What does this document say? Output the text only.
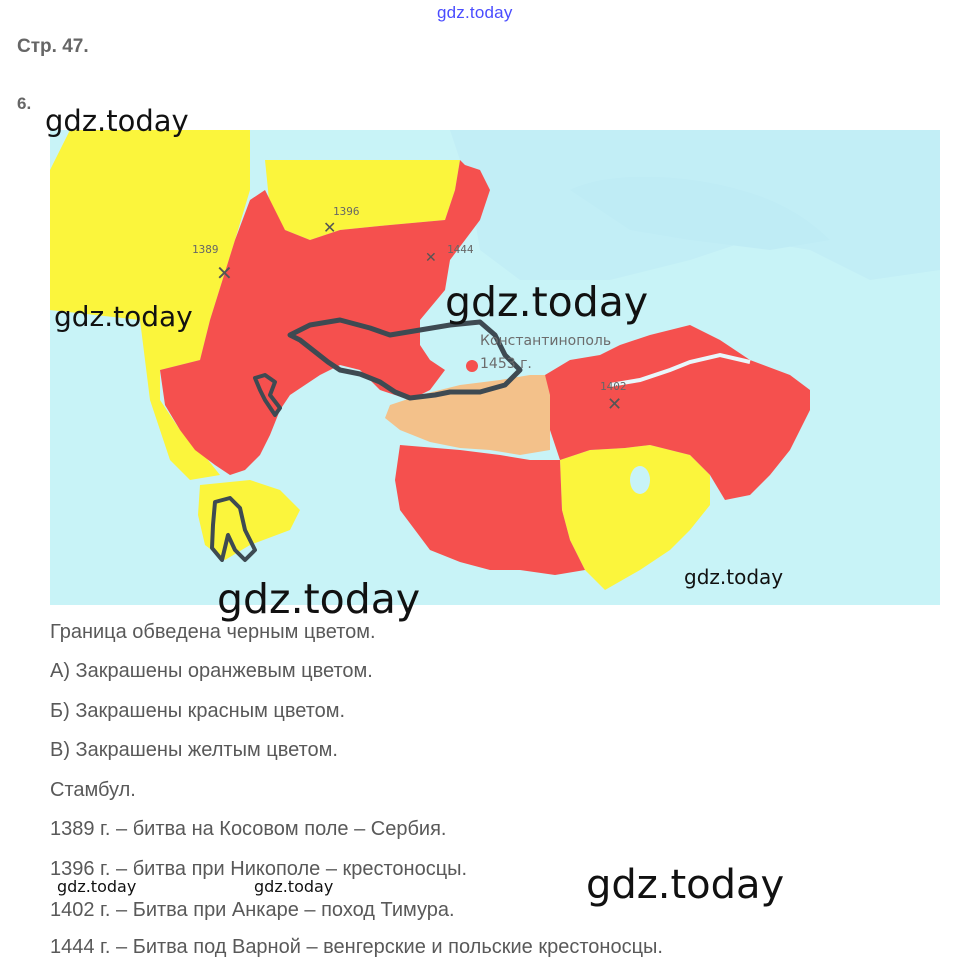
gdz.today
Стр. 47.
6.
✕
✕
✕
✕
1389
1396
1444
1402
Константинополь
1453 г.
gdz.today
gdz.today	gdz.today
gdz.today	gdz.today
gdz.today
gdz.today	gdz.today
Граница обведена черным цветом.
А) Закрашены оранжевым цветом.
Б) Закрашены красным цветом.
В) Закрашены желтым цветом.
Стамбул.
1389 г. – битва на Косовом поле – Сербия.
1396 г. – битва при Никополе – крестоносцы.
1402 г. – Битва при Анкаре – поход Тимура.
1444 г. – Битва под Варной – венгерские и польские крестоносцы.
